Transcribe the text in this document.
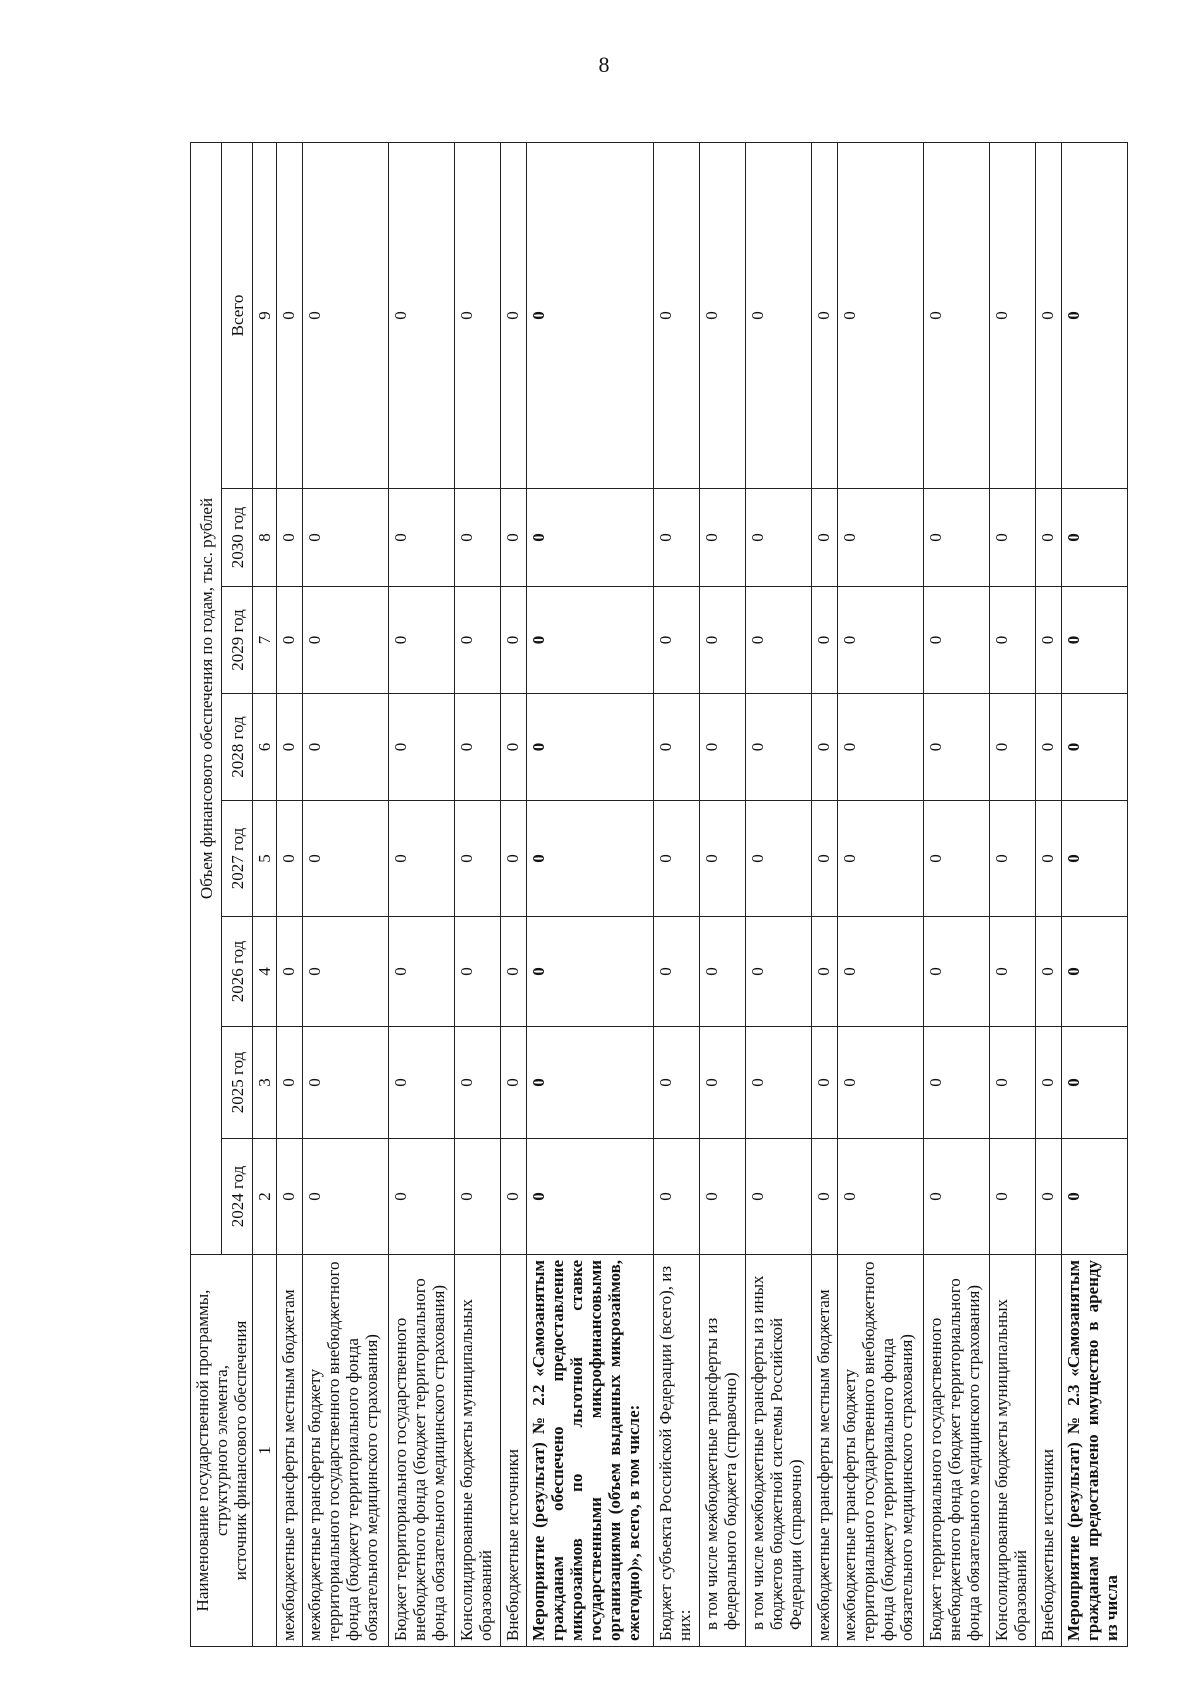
8
Наименование государственной программы, структурного элемента,
источник финансового обеспечения	Объем финансового обеспечения по годам, тыс. рублей							
	2024 год	2025 год	2026 год	2027 год	2028 год	2029 год	2030 год	Всего
1	2	3	4	5	6	7	8	9
межбюджетные трансферты местным бюджетам	0	0	0	0	0	0	0	0
межбюджетные трансферты бюджету территориального государственного внебюджетного фонда (бюджету территориального фонда обязательного медицинского страхования)	0	0	0	0	0	0	0	0
Бюджет территориального государственного внебюджетного фонда (бюджет территориального фонда обязательного медицинского страхования)	0	0	0	0	0	0	0	0
Консолидированные бюджеты муниципальных образований	0	0	0	0	0	0	0	0
Внебюджетные источники	0	0	0	0	0	0	0	0
Мероприятие (результат) № 2.2 «Самозанятым гражданам обеспечено предоставление микрозаймов по льготной ставке государственными микрофинансовыми организациями (объем выданных микрозаймов, ежегодно)», всего, в том числе:	0	0	0	0	0	0	0	0
Бюджет субъекта Российской Федерации (всего), из них:	0	0	0	0	0	0	0	0
в том числе межбюджетные трансферты из федерального бюджета (справочно)	0	0	0	0	0	0	0	0
в том числе межбюджетные трансферты из иных бюджетов бюджетной системы Российской Федерации (справочно)	0	0	0	0	0	0	0	0
межбюджетные трансферты местным бюджетам	0	0	0	0	0	0	0	0
межбюджетные трансферты бюджету территориального государственного внебюджетного фонда (бюджету территориального фонда обязательного медицинского страхования)	0	0	0	0	0	0	0	0
Бюджет территориального государственного внебюджетного фонда (бюджет территориального фонда обязательного медицинского страхования)	0	0	0	0	0	0	0	0
Консолидированные бюджеты муниципальных образований	0	0	0	0	0	0	0	0
Внебюджетные источники	0	0	0	0	0	0	0	0
Мероприятие (результат) № 2.3 «Самозанятым гражданам предоставлено имущество в аренду из числа	0	0	0	0	0	0	0	0
